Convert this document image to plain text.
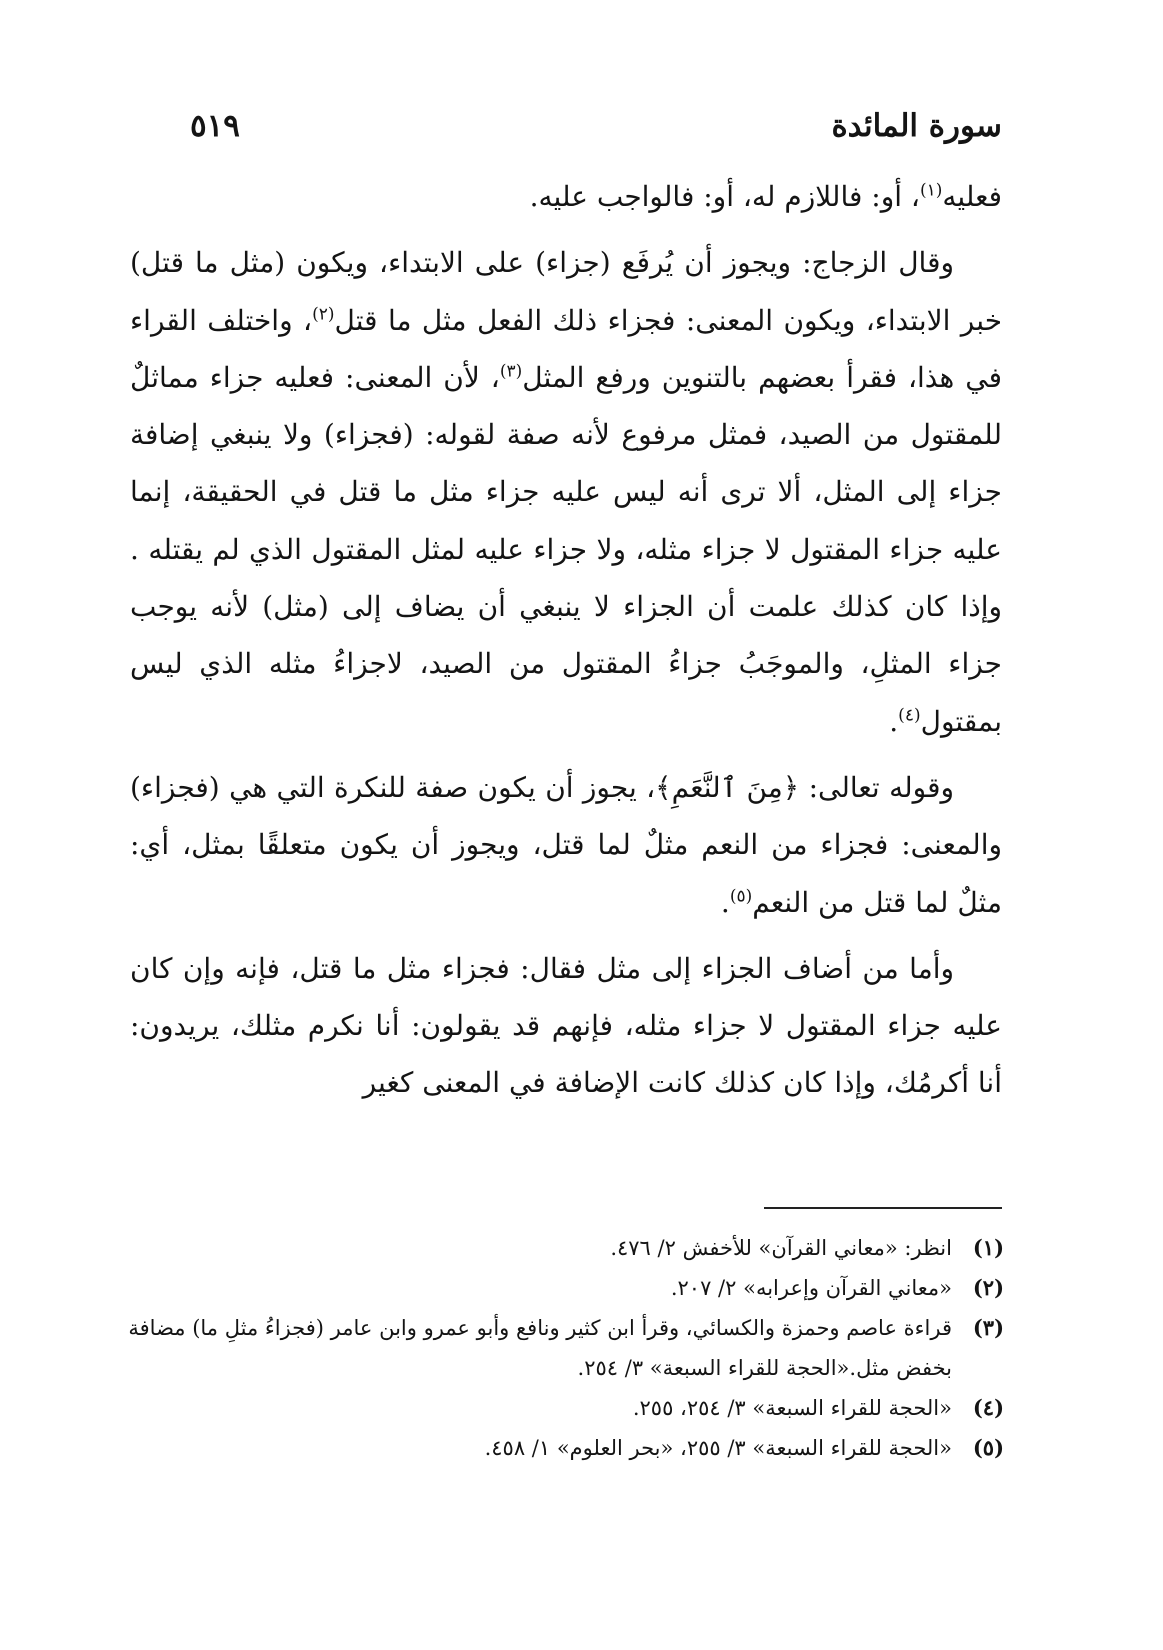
سورة المائدة
٥١٩

فعليه$^{(١)}$، أو: فاللازم له، أو: فالواجب عليه.

وقال الزجاج: ويجوز أن يُرفَع (جزاء) على الابتداء، ويكون (مثل ما قتل) خبر الابتداء، ويكون المعنى: فجزاء ذلك الفعل مثل ما قتل$^{(٢)}$، واختلف القراء في هذا، فقرأ بعضهم بالتنوين ورفع المثل$^{(٣)}$، لأن المعنى: فعليه جزاء مماثلٌ للمقتول من الصيد، فمثل مرفوع لأنه صفة لقوله: (فجزاء) ولا ينبغي إضافة جزاء إلى المثل، ألا ترى أنه ليس عليه جزاء مثل ما قتل في الحقيقة، إنما عليه جزاء المقتول لا جزاء مثله، ولا جزاء عليه لمثل المقتول الذي لم يقتله . وإذا كان كذلك علمت أن الجزاء لا ينبغي أن يضاف إلى (مثل) لأنه يوجب جزاء المثلِ، والموجَبُ جزاءُ المقتول من الصيد، لاجزاءُ مثله الذي ليس بمقتول$^{(٤)}$.

وقوله تعالى: ﴿مِنَ ٱلنَّعَمِ﴾، يجوز أن يكون صفة للنكرة التي هي (فجزاء) والمعنى: فجزاء من النعم مثلٌ لما قتل، ويجوز أن يكون متعلقًا بمثل، أي: مثلٌ لما قتل من النعم$^{(٥)}$.

وأما من أضاف الجزاء إلى مثل فقال: فجزاء مثل ما قتل، فإنه وإن كان عليه جزاء المقتول لا جزاء مثله، فإنهم قد يقولون: أنا نكرم مثلك، يريدون: أنا أكرمُك، وإذا كان كذلك كانت الإضافة في المعنى كغير

(١)
انظر: «معاني القرآن» للأخفش ٢/ ٤٧٦.
(٢)
«معاني القرآن وإعرابه» ٢/ ٢٠٧.
(٣)
قراءة عاصم وحمزة والكسائي، وقرأ ابن كثير ونافع وأبو عمرو وابن عامر (فجزاءُ مثلِ ما) مضافة بخفض مثل.«الحجة للقراء السبعة» ٣/ ٢٥٤.
(٤)
«الحجة للقراء السبعة» ٣/ ٢٥٤، ٢٥٥.
(٥)
«الحجة للقراء السبعة» ٣/ ٢٥٥، «بحر العلوم» ١/ ٤٥٨.
